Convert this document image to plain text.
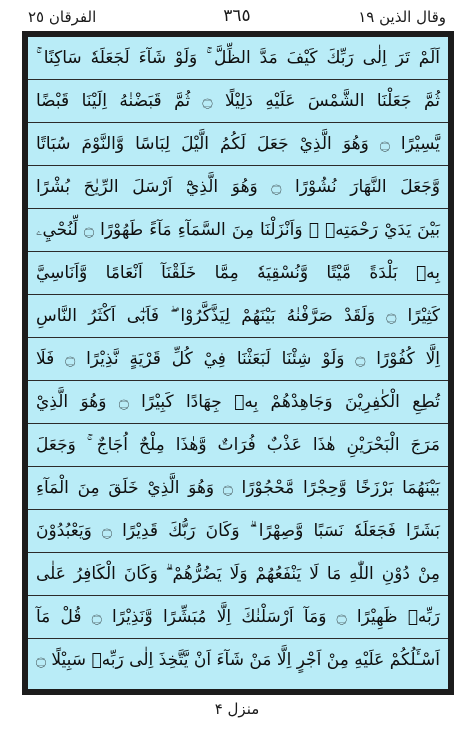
وقال الذين ١٩
٣٦٥
الفرقان ٢٥
اَلَمْ تَرَ اِلٰى رَبِّكَ كَيْفَ مَدَّ الظِّلَّ ۚ وَلَوْ شَآءَ لَجَعَلَهٗ سَاكِنًا ۚ
ثُمَّ جَعَلْنَا الشَّمْسَ عَلَيْهِ دَلِيْلًا ۝ ثُمَّ قَبَضْنٰهُ اِلَيْنَا قَبْضًا
يَّسِيْرًا ۝ وَهُوَ الَّذِيْ جَعَلَ لَكُمُ الَّيْلَ لِبَاسًا وَّالنَّوْمَ سُبَاتًا
وَّجَعَلَ النَّهَارَ نُشُوْرًا ۝ وَهُوَ الَّذِيْٓ اَرْسَلَ الرِّيٰحَ بُشْرًا
بَيْنَ يَدَيْ رَحْمَتِهٖ ۚ وَاَنْزَلْنَا مِنَ السَّمَآءِ مَآءً طَهُوْرًا ۝ لِّنُحْيِۦ
بِهٖ بَلْدَةً مَّيْتًا وَّنُسْقِيَهٗ مِمَّا خَلَقْنَآ اَنْعَامًا وَّاَنَاسِيَّ
كَثِيْرًا ۝ وَلَقَدْ صَرَّفْنٰهُ بَيْنَهُمْ لِيَذَّكَّرُوْا ۖ فَاَبٰٓى اَكْثَرُ النَّاسِ
اِلَّا كُفُوْرًا ۝ وَلَوْ شِئْنَا لَبَعَثْنَا فِيْ كُلِّ قَرْيَةٍ نَّذِيْرًا ۝ فَلَا
تُطِعِ الْكٰفِرِيْنَ وَجَاهِدْهُمْ بِهٖ جِهَادًا كَبِيْرًا ۝ وَهُوَ الَّذِيْ
مَرَجَ الْبَحْرَيْنِ هٰذَا عَذْبٌ فُرَاتٌ وَّهٰذَا مِلْحٌ اُجَاجٌ ۚ وَجَعَلَ
بَيْنَهُمَا بَرْزَخًا وَّحِجْرًا مَّحْجُوْرًا ۝ وَهُوَ الَّذِيْ خَلَقَ مِنَ الْمَآءِ
بَشَرًا فَجَعَلَهٗ نَسَبًا وَّصِهْرًا ۗ وَكَانَ رَبُّكَ قَدِيْرًا ۝ وَيَعْبُدُوْنَ
مِنْ دُوْنِ اللّٰهِ مَا لَا يَنْفَعُهُمْ وَلَا يَضُرُّهُمْ ۗ وَكَانَ الْكَافِرُ عَلٰى
رَبِّهٖ ظَهِيْرًا ۝ وَمَآ اَرْسَلْنٰكَ اِلَّا مُبَشِّرًا وَّنَذِيْرًا ۝ قُلْ مَآ
اَسْـَٔلُكُمْ عَلَيْهِ مِنْ اَجْرٍ اِلَّا مَنْ شَآءَ اَنْ يَّتَّخِذَ اِلٰى رَبِّهٖ سَبِيْلًا ۝
منزل ۴
